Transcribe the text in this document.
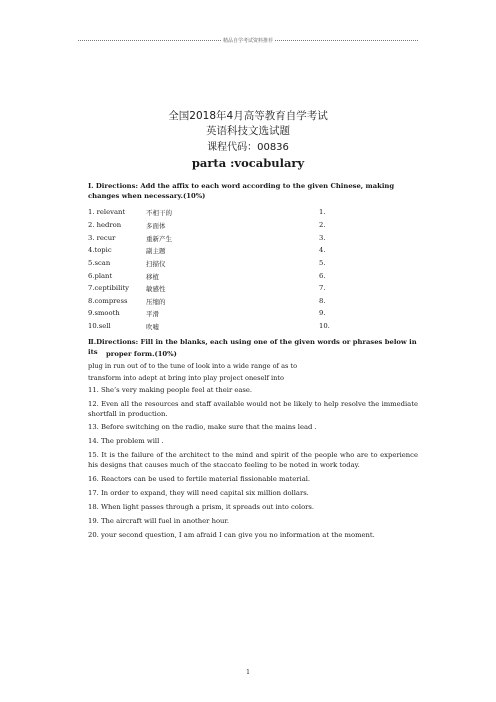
精品自学考试资料推荐
全国2018年4月高等教育自学考试
英语科技文选试题
课程代码：00836
parta :vocabulary
Ⅰ. Directions: Add the affix to each word according to the given Chinese, making changes when necessary.(10%)
1. relevant	不相干的	1.
2. hedron	多面体	2.
3. recur	重新产生	3.
4.topic	副主题	4.
5.scan	扫描仪	5.
6.plant	移植	6.
7.ceptibility	敏感性	7.
8.compress	压缩的	8.
9.smooth	平滑	9.
10.sell	吹嘘	10.
Ⅱ.Directions: Fill in the blanks, each using one of the given words or phrases below in its	proper form.(10%)
plug in run out of to the tune of look into a wide range of as to
transform into adept at bring into play project oneself into
11. She’s very making people feel at their ease.
12. Even all the resources and staff available would not be likely to help resolve the immediate shortfall in production.
13. Before switching on the radio, make sure that the mains lead .
14. The problem will .
15. It is the failure of the architect to the mind and spirit of the people who are to experience his designs that causes much of the staccato feeling to be noted in work today.
16. Reactors can be used to fertile material fissionable material.
17. In order to expand, they will need capital six million dollars.
18. When light passes through a prism, it spreads out into colors.
19. The aircraft will fuel in another hour.
20. your second question, I am afraid I can give you no information at the moment.
1
